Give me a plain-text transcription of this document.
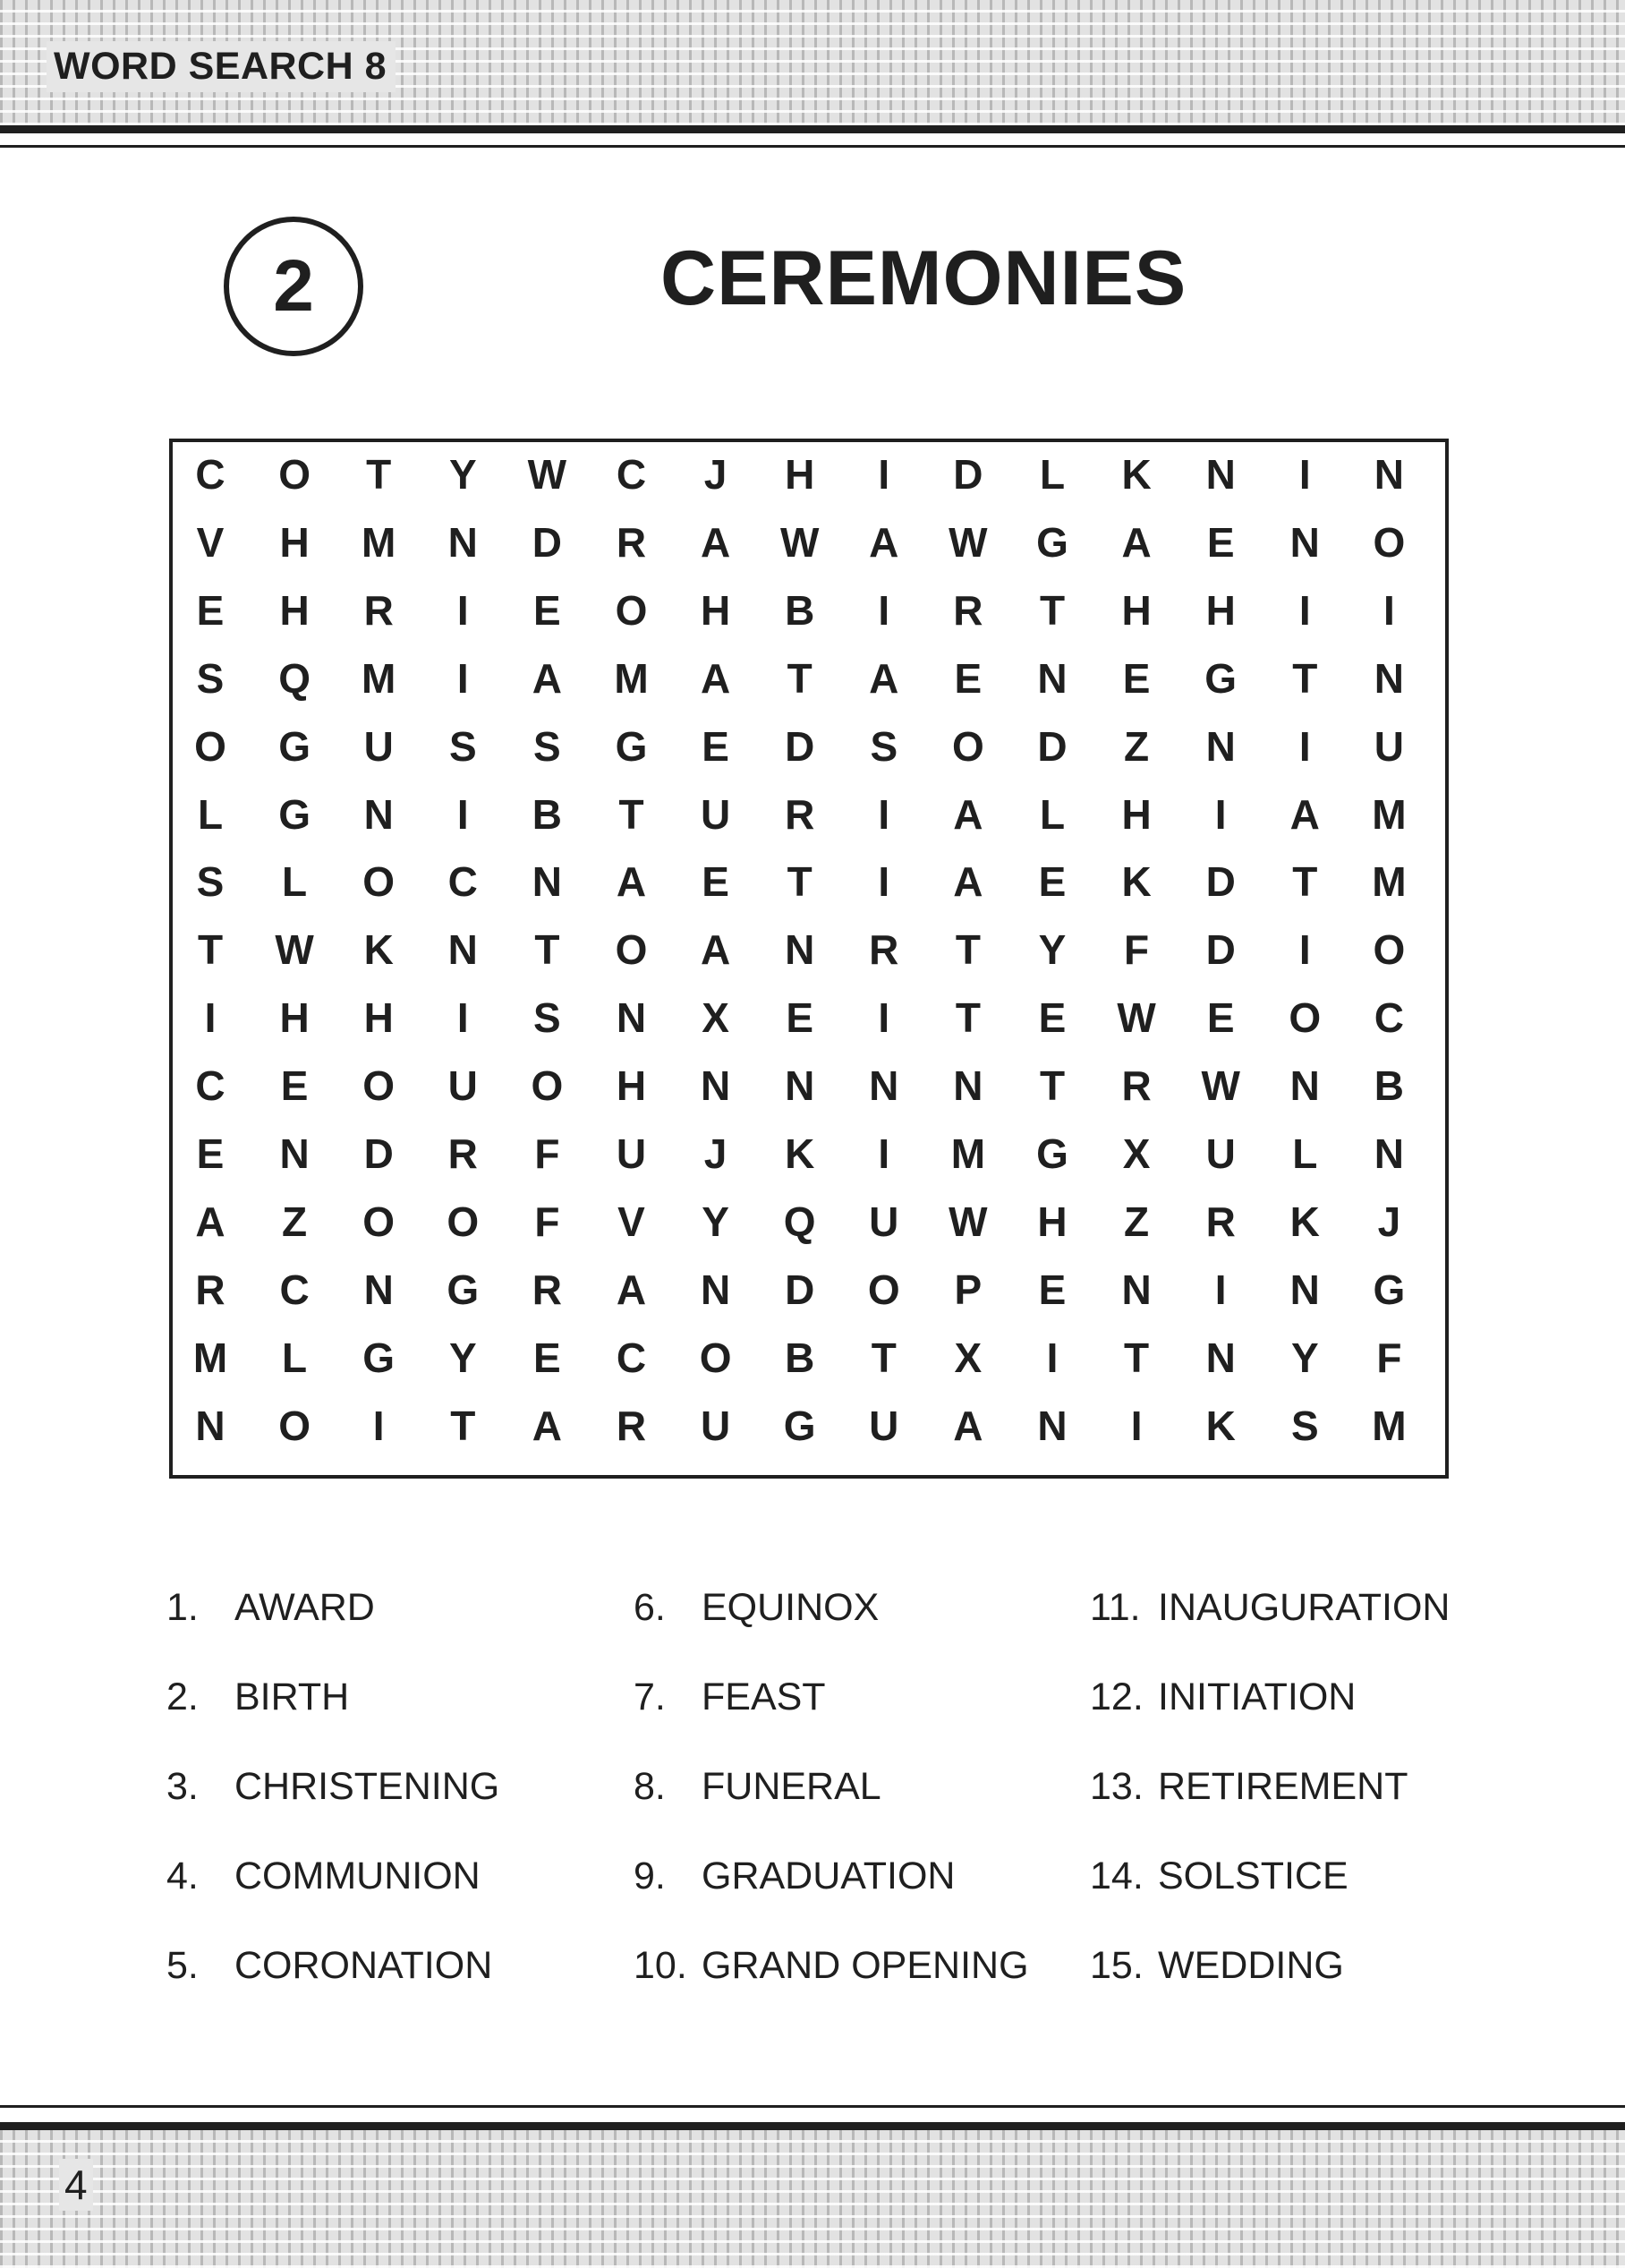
WORD SEARCH 8
2	CEREMONIES
C	O	T	Y	W	C	J	H	I	D	L	K	N	I	N
V	H	M	N	D	R	A	W	A	W	G	A	E	N	O
E	H	R	I	E	O	H	B	I	R	T	H	H	I	I
S	Q	M	I	A	M	A	T	A	E	N	E	G	T	N
O	G	U	S	S	G	E	D	S	O	D	Z	N	I	U
L	G	N	I	B	T	U	R	I	A	L	H	I	A	M
S	L	O	C	N	A	E	T	I	A	E	K	D	T	M
T	W	K	N	T	O	A	N	R	T	Y	F	D	I	O
I	H	H	I	S	N	X	E	I	T	E	W	E	O	C
C	E	O	U	O	H	N	N	N	N	T	R	W	N	B
E	N	D	R	F	U	J	K	I	M	G	X	U	L	N
A	Z	O	O	F	V	Y	Q	U	W	H	Z	R	K	J
R	C	N	G	R	A	N	D	O	P	E	N	I	N	G
M	L	G	Y	E	C	O	B	T	X	I	T	N	Y	F
N	O	I	T	A	R	U	G	U	A	N	I	K	S	M
1. AWARD
2. BIRTH
3. CHRISTENING
4. COMMUNION
5. CORONATION
6. EQUINOX
7. FEAST
8. FUNERAL
9. GRADUATION
10. GRAND OPENING
11. INAUGURATION
12. INITIATION
13. RETIREMENT
14. SOLSTICE
15. WEDDING
4
